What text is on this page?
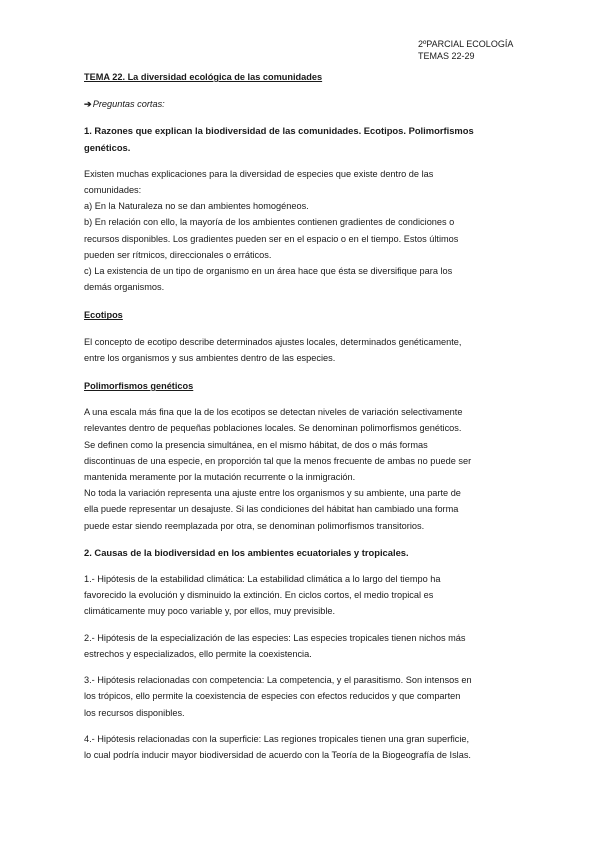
2ºPARCIAL ECOLOGÍA
TEMAS 22-29
TEMA 22. La diversidad ecológica de las comunidades
➔Preguntas cortas:
1. Razones que explican la biodiversidad de las comunidades. Ecotipos. Polimorfismos
genéticos.
Existen muchas explicaciones para la diversidad de especies que existe dentro de las
comunidades:
a) En la Naturaleza no se dan ambientes homogéneos.
b) En relación con ello, la mayoría de los ambientes contienen gradientes de condiciones o
recursos disponibles. Los gradientes pueden ser en el espacio o en el tiempo. Estos últimos
pueden ser rítmicos, direccionales o erráticos.
c) La existencia de un tipo de organismo en un área hace que ésta se diversifique para los
demás organismos.
Ecotipos
El concepto de ecotipo describe determinados ajustes locales, determinados genéticamente,
entre los organismos y sus ambientes dentro de las especies.
Polimorfismos genéticos
A una escala más fina que la de los ecotipos se detectan niveles de variación selectivamente
relevantes dentro de pequeñas poblaciones locales. Se denominan polimorfismos genéticos.
Se definen como la presencia simultánea, en el mismo hábitat, de dos o más formas
discontinuas de una especie, en proporción tal que la menos frecuente de ambas no puede ser
mantenida meramente por la mutación recurrente o la inmigración.
No toda la variación representa una ajuste entre los organismos y su ambiente, una parte de
ella puede representar un desajuste. Si las condiciones del hábitat han cambiado una forma
puede estar siendo reemplazada por otra, se denominan polimorfismos transitorios.
2. Causas de la biodiversidad en los ambientes ecuatoriales y tropicales.
1.- Hipótesis de la estabilidad climática: La estabilidad climática a lo largo del tiempo ha
favorecido la evolución y disminuido la extinción. En ciclos cortos, el medio tropical es
climáticamente muy poco variable y, por ellos, muy previsible.
2.- Hipótesis de la especialización de las especies: Las especies tropicales tienen nichos más
estrechos y especializados, ello permite la coexistencia.
3.- Hipótesis relacionadas con competencia: La competencia, y el parasitismo. Son intensos en
los trópicos, ello permite la coexistencia de especies con efectos reducidos y que comparten
los recursos disponibles.
4.- Hipótesis relacionadas con la superficie: Las regiones tropicales tienen una gran superficie,
lo cual podría inducir mayor biodiversidad de acuerdo con la Teoría de la Biogeografía de Islas.
